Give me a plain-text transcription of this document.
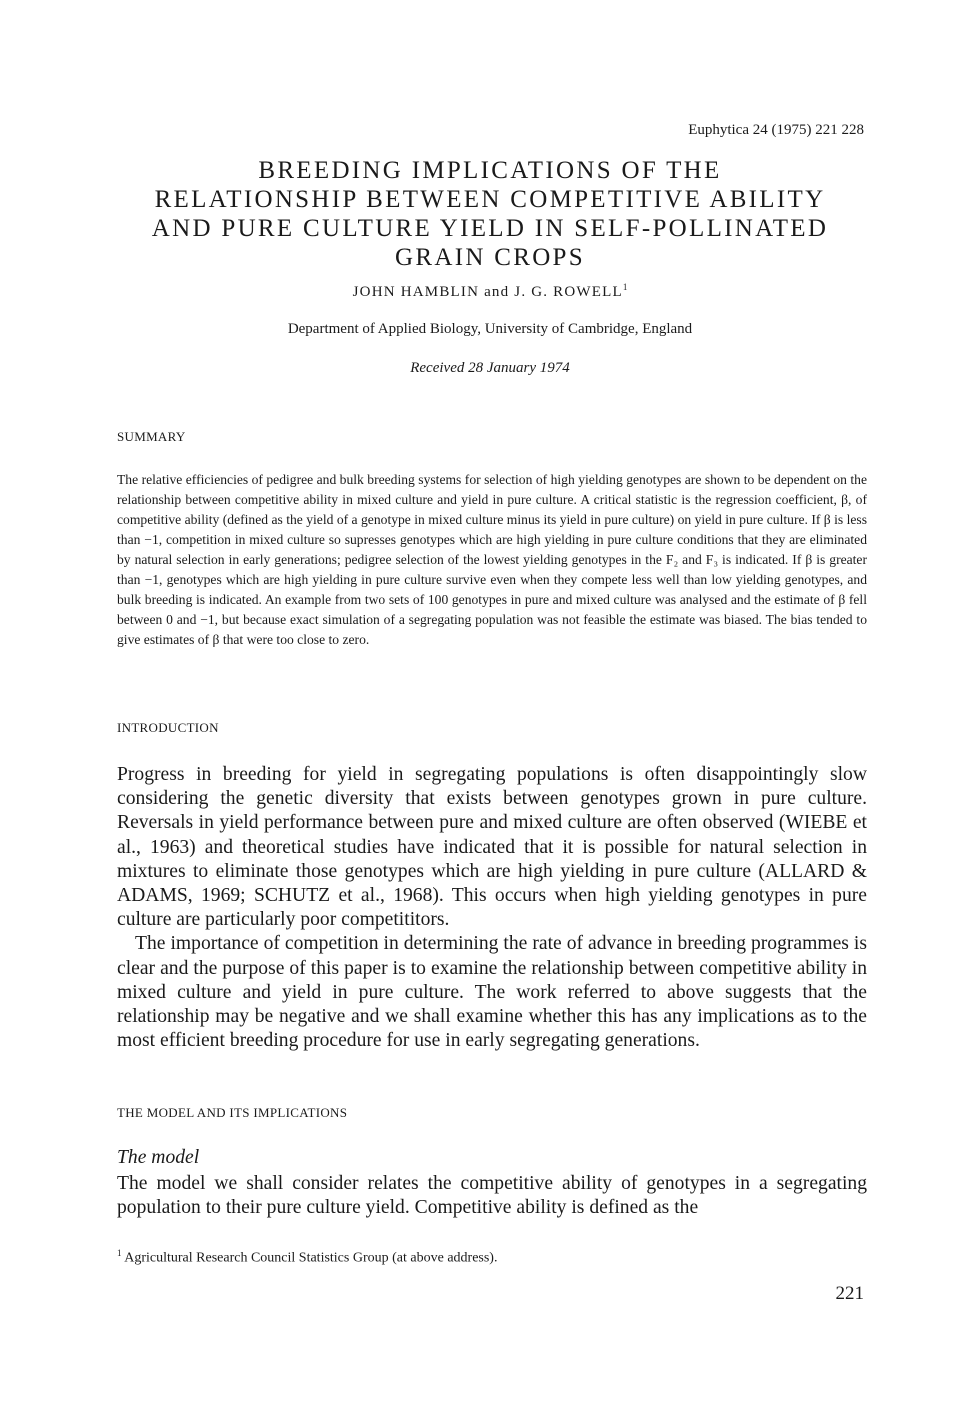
Euphytica 24 (1975) 221 228
BREEDING IMPLICATIONS OF THE
RELATIONSHIP BETWEEN COMPETITIVE ABILITY
AND PURE CULTURE YIELD IN SELF-POLLINATED
GRAIN CROPS
JOHN HAMBLIN and J. G. ROWELL$^1$
Department of Applied Biology, University of Cambridge, England
Received 28 January 1974
SUMMARY

The relative efficiencies of pedigree and bulk breeding systems for selection of high yielding genotypes are shown to be dependent on the relationship between competitive ability in mixed culture and yield in pure culture. A critical statistic is the regression coefficient, β, of competitive ability (defined as the yield of a genotype in mixed culture minus its yield in pure culture) on yield in pure culture. If β is less than −1, competition in mixed culture so supresses genotypes which are high yielding in pure culture conditions that they are eliminated by natural selection in early generations; pedigree selection of the lowest yielding genotypes in the F₂ and F₃ is indicated. If β is greater than −1, genotypes which are high yielding in pure culture survive even when they compete less well than low yielding genotypes, and bulk breeding is indicated. An example from two sets of 100 genotypes in pure and mixed culture was analysed and the estimate of β fell between 0 and −1, but because exact simulation of a segregating population was not feasible the estimate was biased. The bias tended to give estimates of β that were too close to zero.

INTRODUCTION

Progress in breeding for yield in segregating populations is often disappointingly slow considering the genetic diversity that exists between genotypes grown in pure culture. Reversals in yield performance between pure and mixed culture are often observed (WIEBE et al., 1963) and theoretical studies have indicated that it is possible for natural selection in mixtures to eliminate those genotypes which are high yielding in pure culture (ALLARD & ADAMS, 1969; SCHUTZ et al., 1968). This occurs when high yielding genotypes in pure culture are particularly poor competititors.

The importance of competition in determining the rate of advance in breeding programmes is clear and the purpose of this paper is to examine the relationship between competitive ability in mixed culture and yield in pure culture. The work referred to above suggests that the relationship may be negative and we shall examine whether this has any implications as to the most efficient breeding procedure for use in early segregating generations.

THE MODEL AND ITS IMPLICATIONS
The model

The model we shall consider relates the competitive ability of genotypes in a segregating population to their pure culture yield. Competitive ability is defined as the

$^1$ Agricultural Research Council Statistics Group (at above address).
221
